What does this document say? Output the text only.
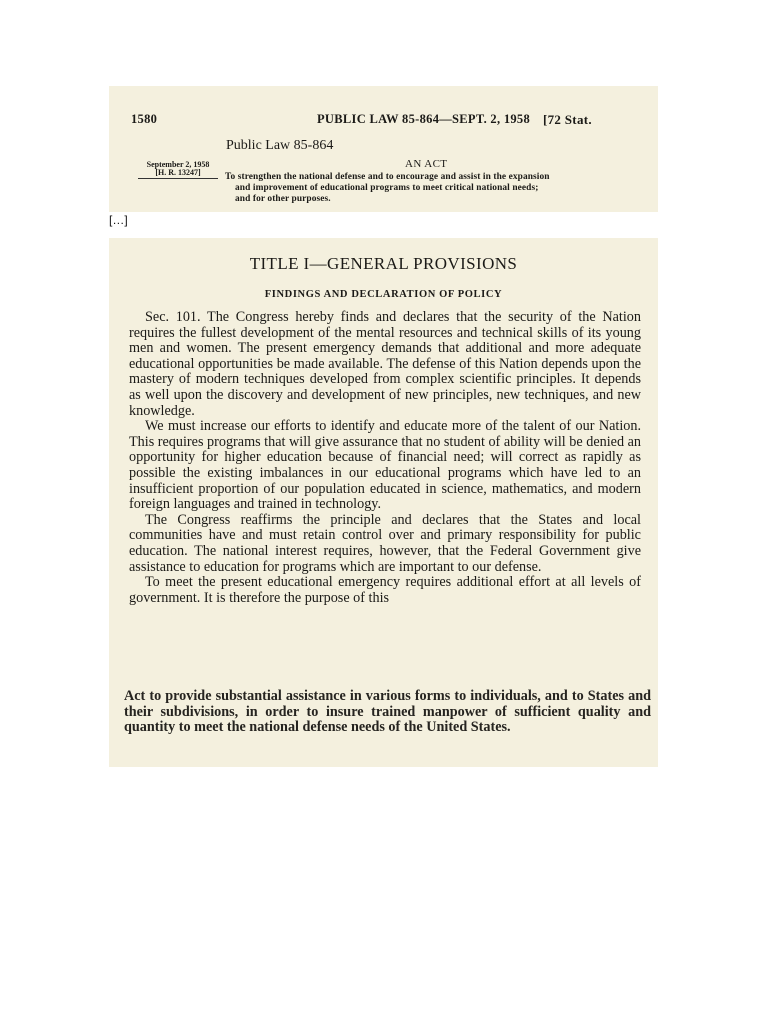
1580	PUBLIC LAW 85-864—SEPT. 2, 1958 [72 Stat.
Public Law 85-864
AN ACT
September 2, 1958
[H. R. 13247]	To strengthen the national defense and to encourage and assist in the expansion
and improvement of educational programs to meet critical national needs;
and for other purposes.
[…]
TITLE I—GENERAL PROVISIONS
FINDINGS AND DECLARATION OF POLICY

Sec. 101. The Congress hereby finds and declares that the security of the Nation requires the fullest development of the mental resources and technical skills of its young men and women. The present emergency demands that additional and more adequate educational opportunities be made available. The defense of this Nation depends upon the mastery of modern techniques developed from complex scientific principles. It depends as well upon the discovery and development of new principles, new techniques, and new knowledge.

We must increase our efforts to identify and educate more of the talent of our Nation. This requires programs that will give assurance that no student of ability will be denied an opportunity for higher education because of financial need; will correct as rapidly as possible the existing imbalances in our educational programs which have led to an insufficient proportion of our population educated in science, mathematics, and modern foreign languages and trained in technology.

The Congress reaffirms the principle and declares that the States and local communities have and must retain control over and primary responsibility for public education. The national interest requires, however, that the Federal Government give assistance to education for programs which are important to our defense.

To meet the present educational emergency requires additional effort at all levels of government. It is therefore the purpose of this

Act to provide substantial assistance in various forms to individuals, and to States and their subdivisions, in order to insure trained manpower of sufficient quality and quantity to meet the national defense needs of the United States.
